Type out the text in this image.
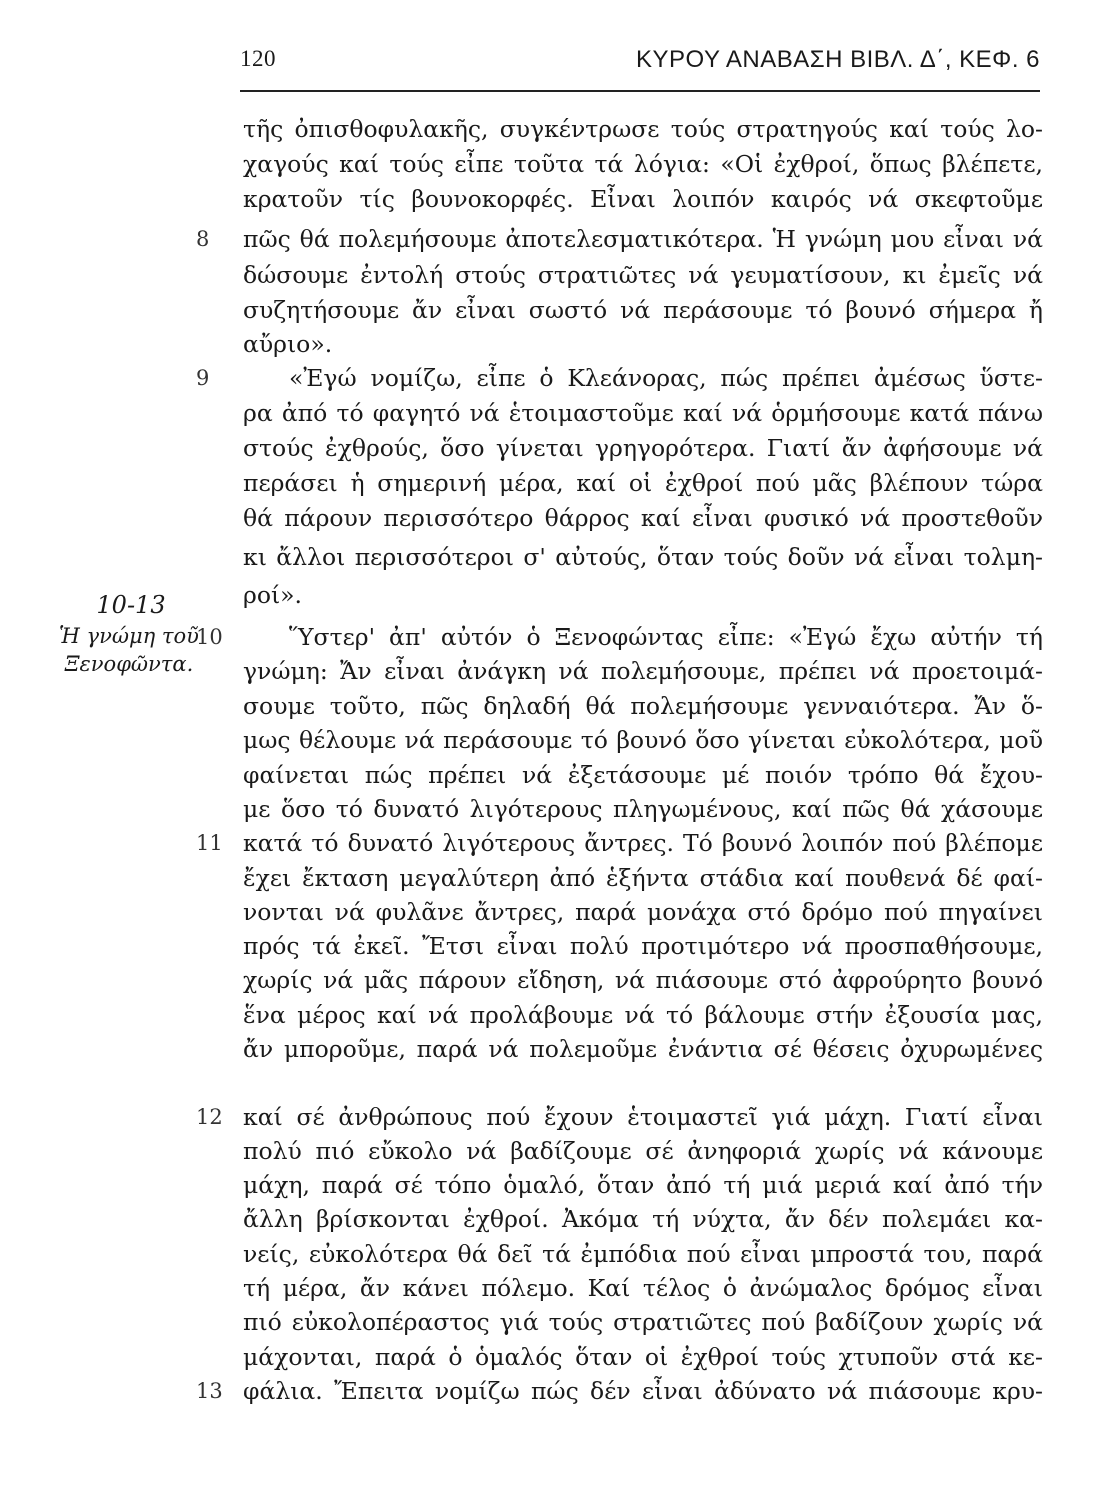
120	ΚΥΡΟΥ ΑΝΑΒΑΣΗ ΒΙΒΛ. Δ΄, ΚΕΦ. 6
10-13
Ἡ γνώμη τοῦ
Ξενοφῶντα.
8
9
10
11
12
13
τῆς ὀπισθοφυλακῆς, συγκέντρωσε τούς στρατηγούς καί τούς λο-
χαγούς καί τούς εἶπε τοῦτα τά λόγια: «Οἱ ἐχθροί, ὅπως βλέπετε,
κρατοῦν τίς βουνοκορφές. Εἶναι λοιπόν καιρός νά σκεφτοῦμε
πῶς θά πολεμήσουμε ἀποτελεσματικότερα. Ἡ γνώμη μου εἶναι νά
δώσουμε ἐντολή στούς στρατιῶτες νά γευματίσουν, κι ἐμεῖς νά
συζητήσουμε ἄν εἶναι σωστό νά περάσουμε τό βουνό σήμερα ἤ
αὔριο».
«Ἐγώ νομίζω, εἶπε ὁ Κλεάνορας, πώς πρέπει ἀμέσως ὕστε-
ρα ἀπό τό φαγητό νά ἑτοιμαστοῦμε καί νά ὁρμήσουμε κατά πάνω
στούς ἐχθρούς, ὅσο γίνεται γρηγορότερα. Γιατί ἄν ἀφήσουμε νά
περάσει ἡ σημερινή μέρα, καί οἱ ἐχθροί πού μᾶς βλέπουν τώρα
θά πάρουν περισσότερο θάρρος καί εἶναι φυσικό νά προστεθοῦν
κι ἄλλοι περισσότεροι σ' αὐτούς, ὅταν τούς δοῦν νά εἶναι τολμη-
ροί».
Ὕστερ' ἀπ' αὐτόν ὁ Ξενοφώντας εἶπε: «Ἐγώ ἔχω αὐτήν τή
γνώμη: Ἄν εἶναι ἀνάγκη νά πολεμήσουμε, πρέπει νά προετοιμά-
σουμε τοῦτο, πῶς δηλαδή θά πολεμήσουμε γενναιότερα. Ἄν ὅ-
μως θέλουμε νά περάσουμε τό βουνό ὅσο γίνεται εὐκολότερα, μοῦ
φαίνεται πώς πρέπει νά ἐξετάσουμε μέ ποιόν τρόπο θά ἔχου-
με ὅσο τό δυνατό λιγότερους πληγωμένους, καί πῶς θά χάσουμε
κατά τό δυνατό λιγότερους ἄντρες. Τό βουνό λοιπόν πού βλέπομε
ἔχει ἔκταση μεγαλύτερη ἀπό ἑξήντα στάδια καί πουθενά δέ φαί-
νονται νά φυλᾶνε ἄντρες, παρά μονάχα στό δρόμο πού πηγαίνει
πρός τά ἐκεῖ. Ἔτσι εἶναι πολύ προτιμότερο νά προσπαθήσουμε,
χωρίς νά μᾶς πάρουν εἴδηση, νά πιάσουμε στό ἀφρούρητο βουνό
ἕνα μέρος καί νά προλάβουμε νά τό βάλουμε στήν ἐξουσία μας,
ἄν μποροῦμε, παρά νά πολεμοῦμε ἐνάντια σέ θέσεις ὀχυρωμένες
καί σέ ἀνθρώπους πού ἔχουν ἑτοιμαστεῖ γιά μάχη. Γιατί εἶναι
πολύ πιό εὔκολο νά βαδίζουμε σέ ἀνηφοριά χωρίς νά κάνουμε
μάχη, παρά σέ τόπο ὁμαλό, ὅταν ἀπό τή μιά μεριά καί ἀπό τήν
ἄλλη βρίσκονται ἐχθροί. Ἀκόμα τή νύχτα, ἄν δέν πολεμάει κα-
νείς, εὐκολότερα θά δεῖ τά ἐμπόδια πού εἶναι μπροστά του, παρά
τή μέρα, ἄν κάνει πόλεμο. Καί τέλος ὁ ἀνώμαλος δρόμος εἶναι
πιό εὐκολοπέραστος γιά τούς στρατιῶτες πού βαδίζουν χωρίς νά
μάχονται, παρά ὁ ὁμαλός ὅταν οἱ ἐχθροί τούς χτυποῦν στά κε-
φάλια. Ἔπειτα νομίζω πώς δέν εἶναι ἀδύνατο νά πιάσουμε κρυ-
